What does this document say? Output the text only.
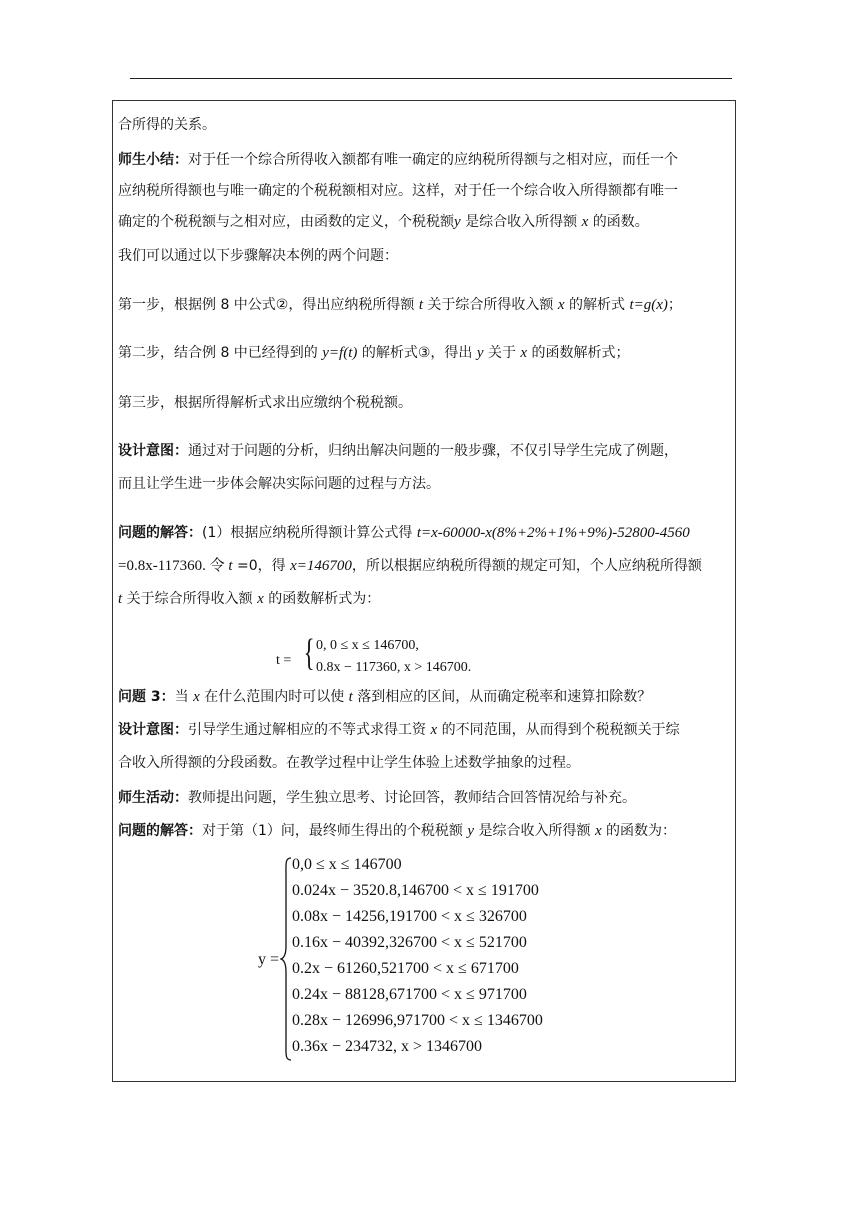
合所得的关系。
师生小结：对于任一个综合所得收入额都有唯一确定的应纳税所得额与之相对应，而任一个
应纳税所得额也与唯一确定的个税税额相对应。这样，对于任一个综合收入所得额都有唯一
确定的个税税额与之相对应，由函数的定义，个税税额y 是综合收入所得额 x 的函数。
我们可以通过以下步骤解决本例的两个问题：
第一步，根据例 8 中公式②，得出应纳税所得额 t 关于综合所得收入额 x 的解析式 t=g(x)；
第二步，结合例 8 中已经得到的 y=f(t) 的解析式③，得出 y 关于 x 的函数解析式；
第三步，根据所得解析式求出应缴纳个税税额。
设计意图：通过对于问题的分析，归纳出解决问题的一般步骤，不仅引导学生完成了例题，
而且让学生进一步体会解决实际问题的过程与方法。
问题的解答：(1）根据应纳税所得额计算公式得 t=x-60000-x(8%+2%+1%+9%)-52800-4560
=0.8x-117360. 令 t =0，得 x=146700，所以根据应纳税所得额的规定可知，个人应纳税所得额
t 关于综合所得收入额 x 的函数解析式为：
t = { 0, 0 ≤ x ≤ 146700,
0.8x − 117360, x > 146700.
问题 3：当 x 在什么范围内时可以使 t 落到相应的区间，从而确定税率和速算扣除数？
设计意图：引导学生通过解相应的不等式求得工资 x 的不同范围，从而得到个税税额关于综
合收入所得额的分段函数。在教学过程中让学生体验上述数学抽象的过程。
师生活动：教师提出问题，学生独立思考、讨论回答，教师结合回答情况给与补充。
问题的解答：对于第（1）问，最终师生得出的个税税额 y 是综合收入所得额 x 的函数为：
y =
0,0 ≤ x ≤ 146700
0.024x − 3520.8,146700 < x ≤ 191700
0.08x − 14256,191700 < x ≤ 326700
0.16x − 40392,326700 < x ≤ 521700
0.2x − 61260,521700 < x ≤ 671700
0.24x − 88128,671700 < x ≤ 971700
0.28x − 126996,971700 < x ≤ 1346700
0.36x − 234732, x > 1346700
